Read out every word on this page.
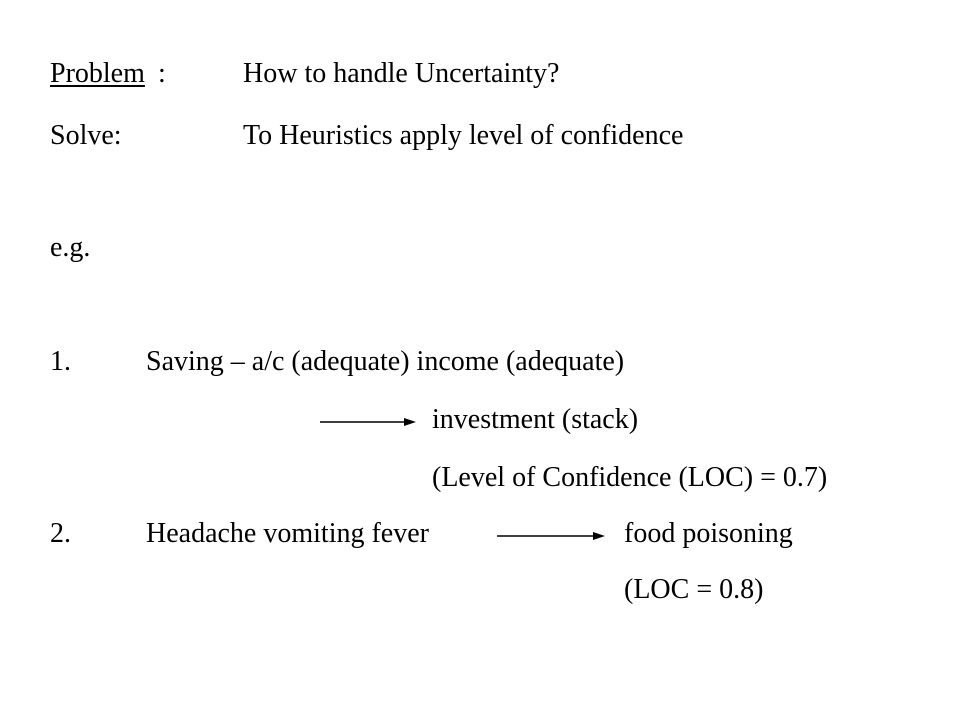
Problem :	How to handle Uncertainty?
Solve:	To Heuristics apply level of confidence
e.g.
1.	Saving – a/c (adequate) income (adequate)
investment (stack)
(Level of Confidence (LOC) = 0.7)
2.	Headache vomiting fever	food poisoning
(LOC = 0.8)
